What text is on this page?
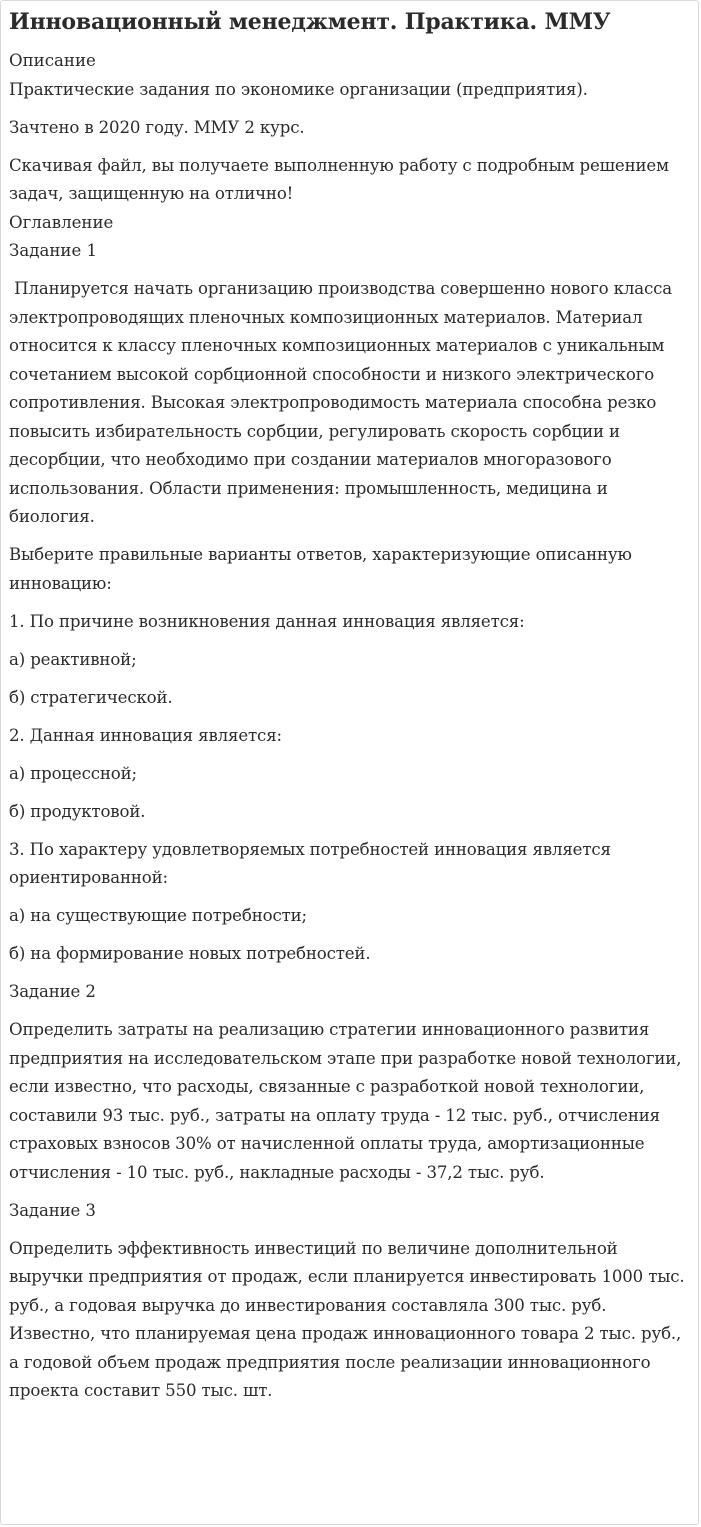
Инновационный менеджмент. Практика. ММУ

Описание

Практические задания по экономике организации (предприятия).

Зачтено в 2020 году. ММУ 2 курс.

Скачивая файл, вы получаете выполненную работу с подробным решением задач, защищенную на отлично!

Оглавление

Задание 1

Планируется начать организацию производства совершенно нового класса электропроводящих пленочных композиционных материалов. Материал относится к классу пленочных композиционных материалов с уникальным сочетанием высокой сорбционной способности и низкого электрического сопротивления. Высокая электропроводимость материала способна резко повысить избирательность сорбции, регулировать скорость сорбции и десорбции, что необходимо при создании материалов многоразового использования. Области применения: промышленность, медицина и биология.

Выберите правильные варианты ответов, характеризующие описанную инновацию:

1. По причине возникновения данная инновация является:

а) реактивной;

б) стратегической.

2. Данная инновация является:

а) процессной;

б) продуктовой.

3. По характеру удовлетворяемых потребностей инновация является ориентированной:

а) на существующие потребности;

б) на формирование новых потребностей.

Задание 2

Определить затраты на реализацию стратегии инновационного развития предприятия на исследовательском этапе при разработке новой технологии, если известно, что расходы, связанные с разработкой новой технологии, составили 93 тыс. руб., затраты на оплату труда - 12 тыс. руб., отчисления страховых взносов 30% от начисленной оплаты труда, амортизационные отчисления - 10 тыс. руб., накладные расходы - 37,2 тыс. руб.

Задание 3

Определить эффективность инвестиций по величине дополнительной выручки предприятия от продаж, если планируется инвестировать 1000 тыс. руб., а годовая выручка до инвестирования составляла 300 тыс. руб. Известно, что планируемая цена продаж инновационного товара 2 тыс. руб., а годовой объем продаж предприятия после реализации инновационного проекта составит 550 тыс. шт.
